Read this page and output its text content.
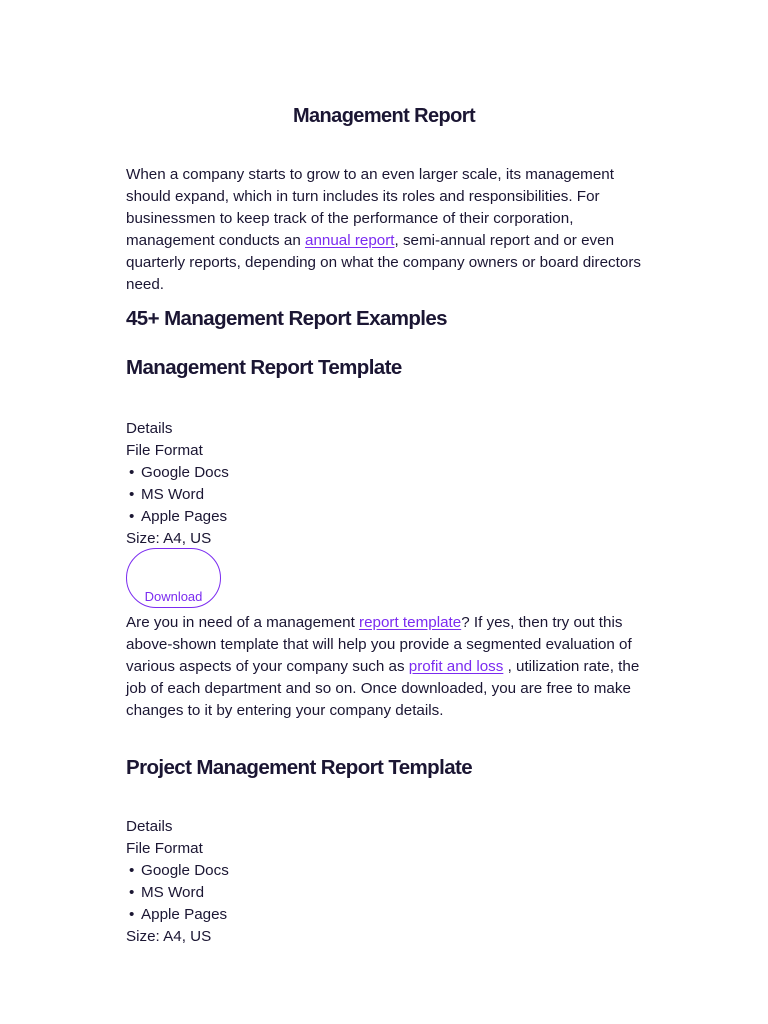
Management Report

When a company starts to grow to an even larger scale, its management should expand, which in turn includes its roles and responsibilities. For businessmen to keep track of the performance of their corporation, management conducts an annual report, semi-annual report and or even quarterly reports, depending on what the company owners or board directors need.

45+ Management Report Examples
Management Report Template
Details
File Format
• Google Docs
• MS Word
• Apple Pages
Size: A4, US
Download

Are you in need of a management report template? If yes, then try out this above-shown template that will help you provide a segmented evaluation of various aspects of your company such as profit and loss , utilization rate, the job of each department and so on. Once downloaded, you are free to make changes to it by entering your company details.

Project Management Report Template
Details
File Format
• Google Docs
• MS Word
• Apple Pages
Size: A4, US
